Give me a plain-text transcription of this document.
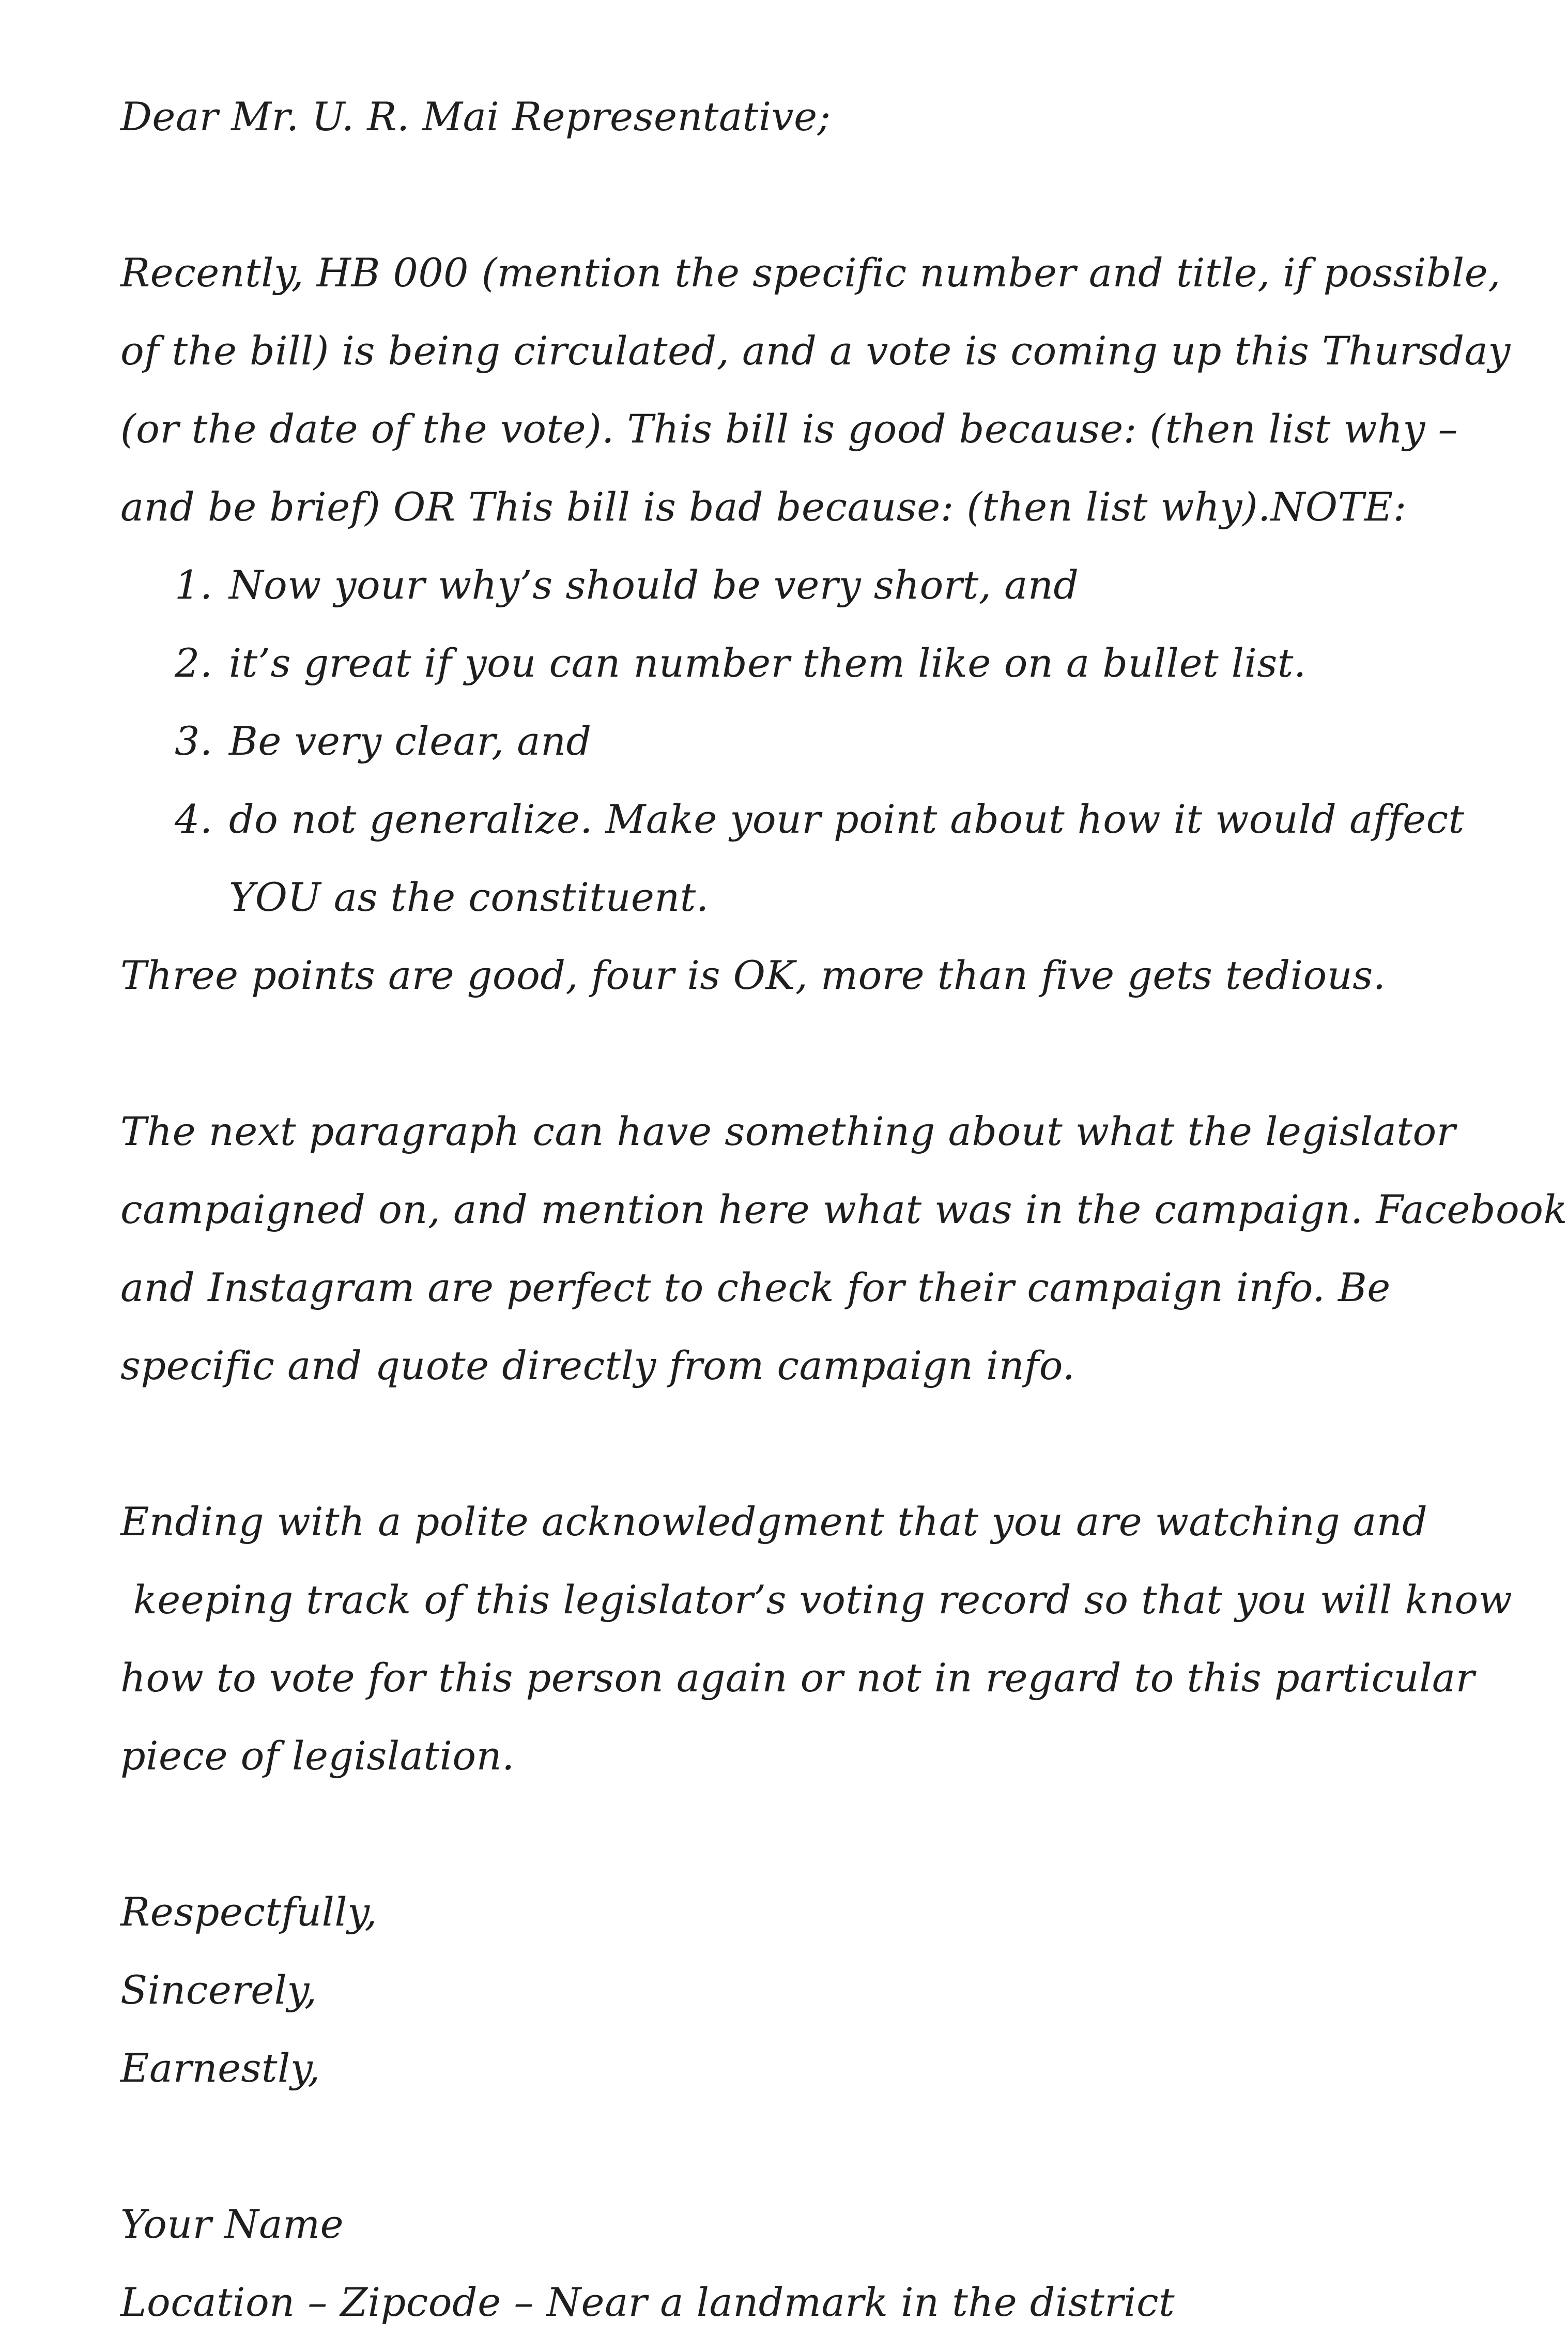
Dear Mr. U. R. Mai Representative;
Recently, HB 000 (mention the specific number and title, if possible,
of the bill) is being circulated, and a vote is coming up this Thursday
(or the date of the vote). This bill is good because: (then list why –
and be brief) OR This bill is bad because: (then list why).NOTE:
1. Now your why’s should be very short, and
2. it’s great if you can number them like on a bullet list.
3. Be very clear, and
4. do not generalize. Make your point about how it would affect
YOU as the constituent.
Three points are good, four is OK, more than five gets tedious.
The next paragraph can have something about what the legislator
campaigned on, and mention here what was in the campaign. Facebook
and Instagram are perfect to check for their campaign info. Be
specific and quote directly from campaign info.
Ending with a polite acknowledgment that you are watching and
keeping track of this legislator’s voting record so that you will know
how to vote for this person again or not in regard to this particular
piece of legislation.
Respectfully,
Sincerely,
Earnestly,
Your Name
Location – Zipcode – Near a landmark in the district
